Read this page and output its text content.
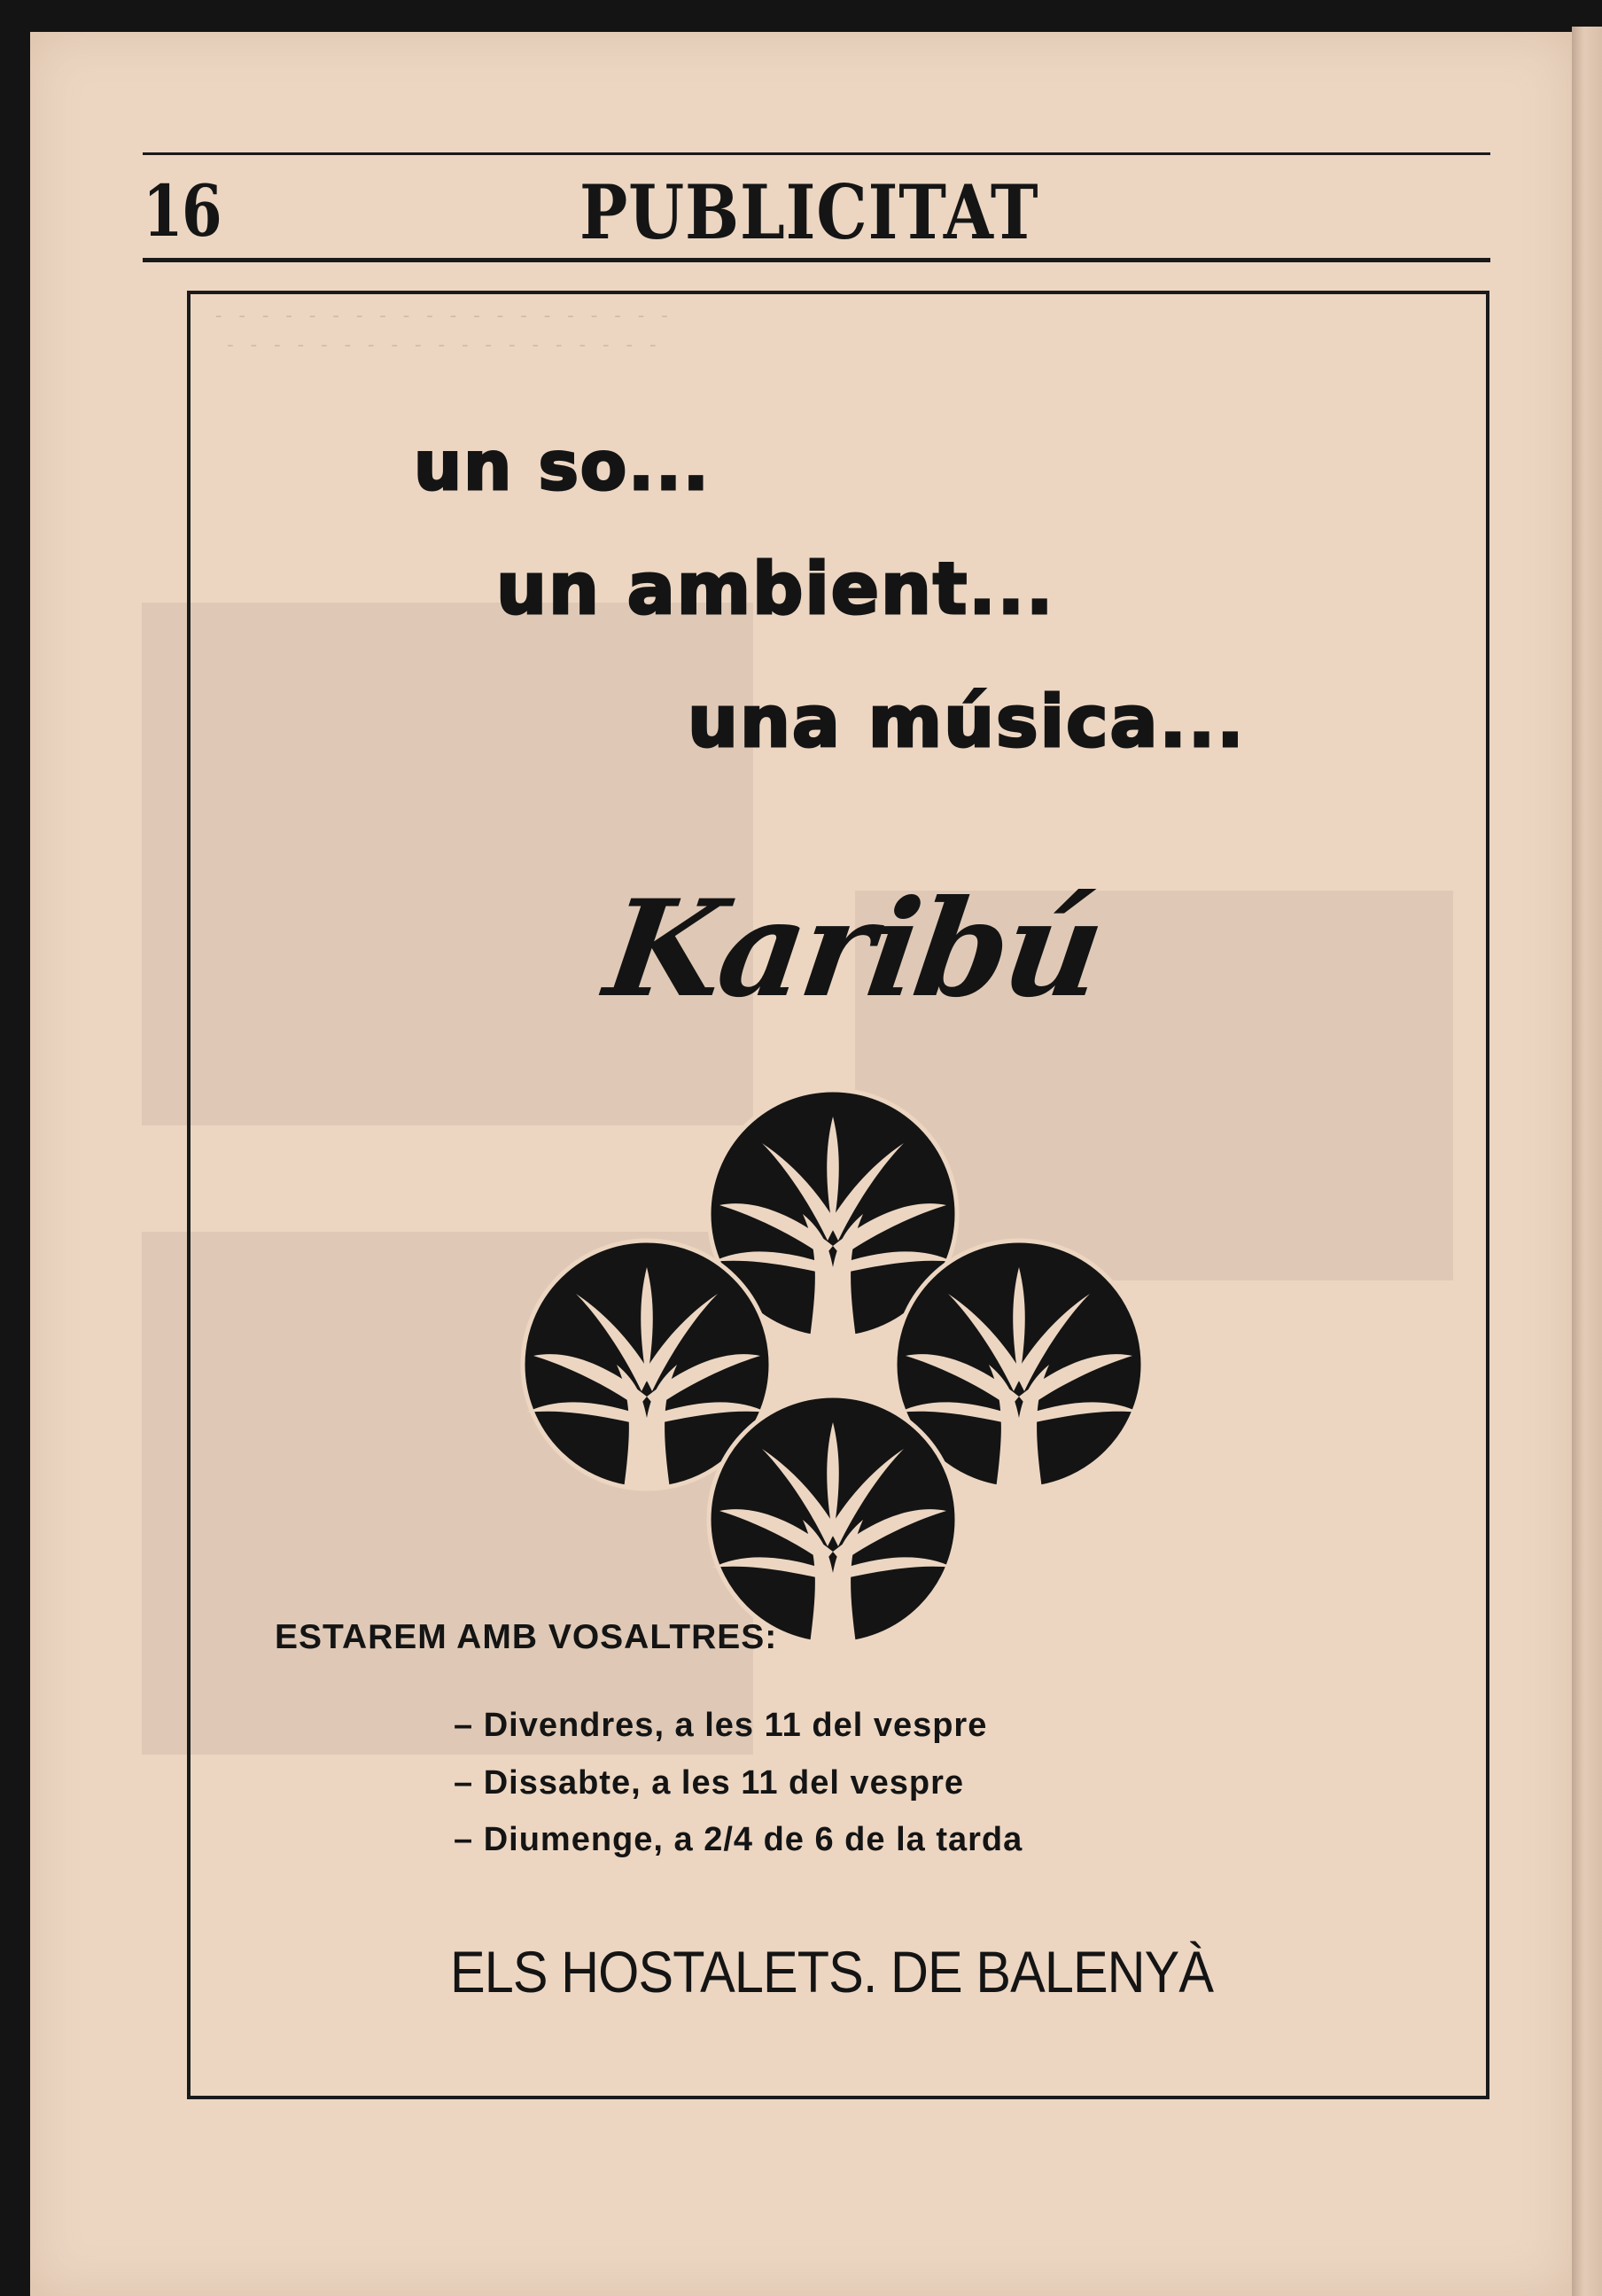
- - - - - - - - - - - - - - - - - - - -
- - - - - - - - - - - - - - - - - - -
16	PUBLICITAT
un so...
un ambient...
una música...
Karibú
ESTAREM AMB VOSALTRES:
– Divendres, a les 11 del vespre
– Dissabte, a les 11 del vespre
– Diumenge, a 2/4 de 6 de la tarda
ELS HOSTALETS. DE BALENYÀ
